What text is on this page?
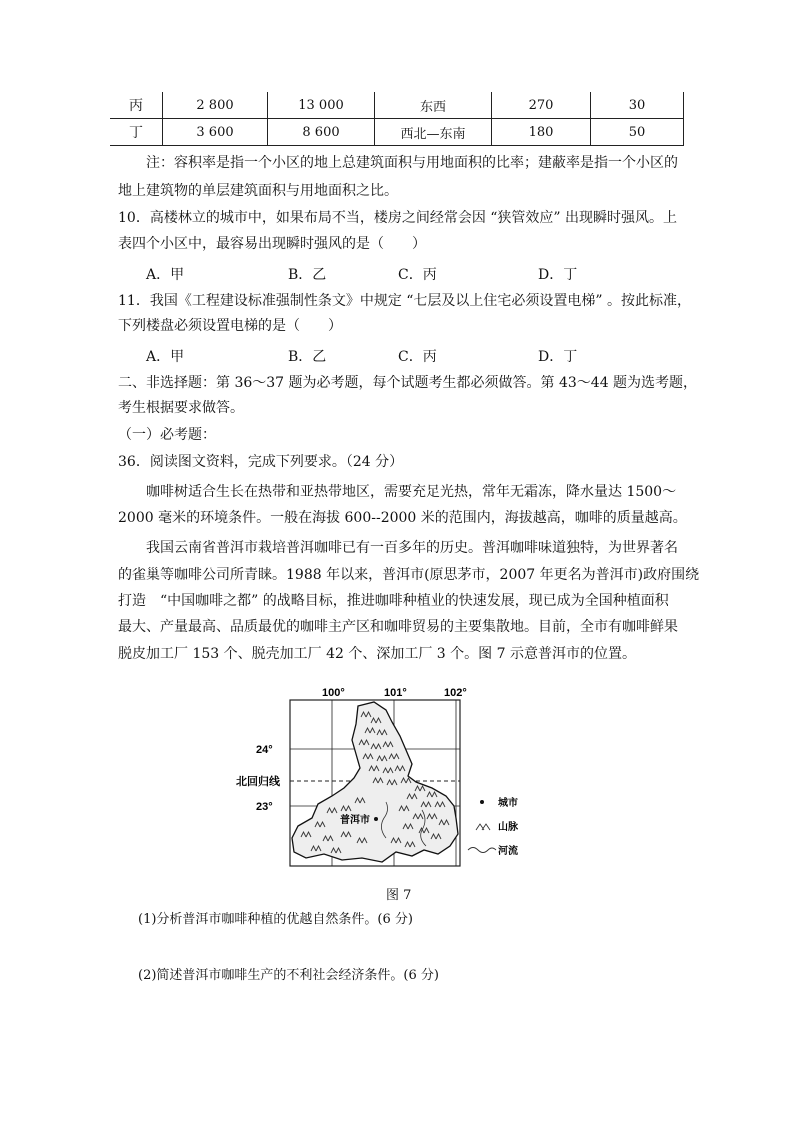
丙	2 800	13 000	东西	270	30
丁	3 600	8 600	西北—东南	180	50
注：容积率是指一个小区的地上总建筑面积与用地面积的比率；建蔽率是指一个小区的
地上建筑物的单层建筑面积与用地面积之比。
10．高楼林立的城市中，如果布局不当，楼房之间经常会因 “狭管效应” 出现瞬时强风。上
表四个小区中，最容易出现瞬时强风的是（　　）
A．甲	B．乙	C．丙	D．丁
11．我国《工程建设标准强制性条文》中规定 “七层及以上住宅必须设置电梯” 。按此标准，
下列楼盘必须设置电梯的是（　　）
A．甲	B．乙	C．丙	D．丁
二、非选择题：第 36～37 题为必考题，每个试题考生都必须做答。第 43～44 题为选考题，
考生根据要求做答。
（一）必考题：
36．阅读图文资料，完成下列要求。（24 分）
咖啡树适合生长在热带和亚热带地区，需要充足光热，常年无霜冻，降水量达 1500～
2000 毫米的环境条件。一般在海拔 600--2000 米的范围内，海拔越高，咖啡的质量越高。
我国云南省普洱市栽培普洱咖啡已有一百多年的历史。普洱咖啡味道独特，为世界著名
的雀巢等咖啡公司所青睐。1988 年以来，普洱市(原思茅市，2007 年更名为普洱市)政府围绕
打造　“中国咖啡之都” 的战略目标，推进咖啡种植业的快速发展，现已成为全国种植面积
最大、产量最高、品质最优的咖啡主产区和咖啡贸易的主要集散地。目前，全市有咖啡鲜果
脱皮加工厂 153 个、脱壳加工厂 42 个、深加工厂 3 个。图 7 示意普洱市的位置。
100°	101°	102°
24°
23°
北回归线
普洱市
城市
山脉
河流
图 7
(1)分析普洱市咖啡种植的优越自然条件。(6 分)
(2)简述普洱市咖啡生产的不利社会经济条件。(6 分)
